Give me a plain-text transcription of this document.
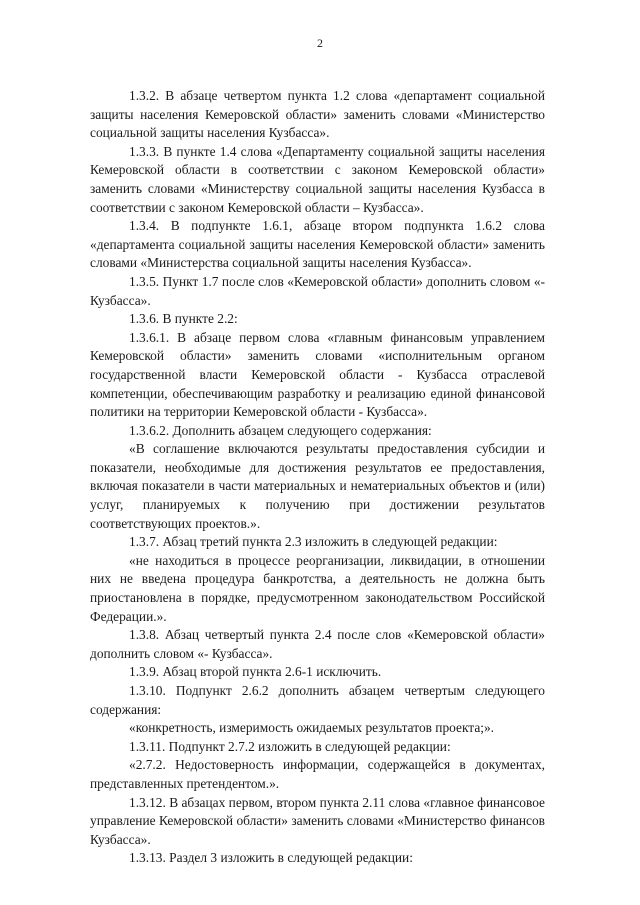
2

1.3.2. В абзаце четвертом пункта 1.2 слова «департамент социальной защиты населения Кемеровской области» заменить словами «Министерство социальной защиты населения Кузбасса».

1.3.3. В пункте 1.4 слова «Департаменту социальной защиты населения Кемеровской области в соответствии с законом Кемеровской области» заменить словами «Министерству социальной защиты населения Кузбасса в соответствии с законом Кемеровской области – Кузбасса».

1.3.4. В подпункте 1.6.1, абзаце втором подпункта 1.6.2 слова «департамента социальной защиты населения Кемеровской области» заменить словами «Министерства социальной защиты населения Кузбасса».

1.3.5. Пункт 1.7 после слов «Кемеровской области» дополнить словом «- Кузбасса».

1.3.6. В пункте 2.2:

1.3.6.1. В абзаце первом слова «главным финансовым управлением Кемеровской области» заменить словами «исполнительным органом государственной власти Кемеровской области - Кузбасса отраслевой компетенции, обеспечивающим разработку и реализацию единой финансовой политики на территории Кемеровской области - Кузбасса».

1.3.6.2. Дополнить абзацем следующего содержания:

«В соглашение включаются результаты предоставления субсидии и показатели, необходимые для достижения результатов ее предоставления, включая показатели в части материальных и нематериальных объектов и (или) услуг, планируемых к получению при достижении результатов соответствующих проектов.».

1.3.7. Абзац третий пункта 2.3 изложить в следующей редакции:

«не находиться в процессе реорганизации, ликвидации, в отношении них не введена процедура банкротства, а деятельность не должна быть приостановлена в порядке, предусмотренном законодательством Российской Федерации.».

1.3.8. Абзац четвертый пункта 2.4 после слов «Кемеровской области» дополнить словом «- Кузбасса».

1.3.9. Абзац второй пункта 2.6-1 исключить.

1.3.10. Подпункт 2.6.2 дополнить абзацем четвертым следующего содержания:

«конкретность, измеримость ожидаемых результатов проекта;».

1.3.11. Подпункт 2.7.2 изложить в следующей редакции:

«2.7.2. Недостоверность информации, содержащейся в документах, представленных претендентом.».

1.3.12. В абзацах первом, втором пункта 2.11 слова «главное финансовое управление Кемеровской области» заменить словами «Министерство финансов Кузбасса».

1.3.13. Раздел 3 изложить в следующей редакции:
